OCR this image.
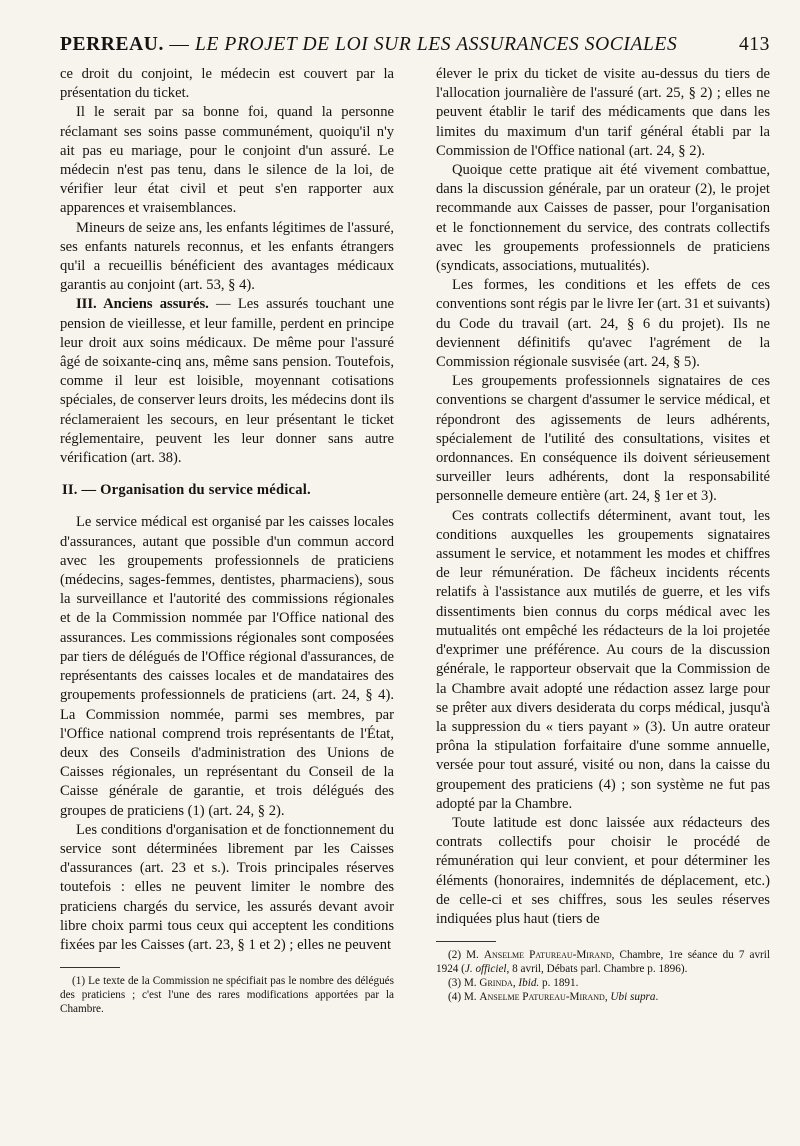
PERREAU. — LE PROJET DE LOI SUR LES ASSURANCES SOCIALES	413

ce droit du conjoint, le médecin est couvert par la présentation du ticket.

Il le serait par sa bonne foi, quand la personne réclamant ses soins passe communément, quoiqu'il n'y ait pas eu mariage, pour le conjoint d'un assuré. Le médecin n'est pas tenu, dans le silence de la loi, de vérifier leur état civil et peut s'en rapporter aux apparences et vraisemblances.

Mineurs de seize ans, les enfants légitimes de l'assuré, ses enfants naturels reconnus, et les enfants étrangers qu'il a recueillis bénéficient des avantages médicaux garantis au conjoint (art. 53, § 4).

III. Anciens assurés. — Les assurés touchant une pension de vieillesse, et leur famille, perdent en principe leur droit aux soins médicaux. De même pour l'assuré âgé de soixante-cinq ans, même sans pension. Toutefois, comme il leur est loisible, moyennant cotisations spéciales, de conserver leurs droits, les médecins dont ils réclameraient les secours, en leur présentant le ticket réglementaire, peuvent les leur donner sans autre vérification (art. 38).

II. — Organisation du service médical.

Le service médical est organisé par les caisses locales d'assurances, autant que possible d'un commun accord avec les groupements professionnels de praticiens (médecins, sages-femmes, dentistes, pharmaciens), sous la surveillance et l'autorité des commissions régionales et de la Commission nommée par l'Office national des assurances. Les commissions régionales sont composées par tiers de délégués de l'Office régional d'assurances, de représentants des caisses locales et de mandataires des groupements professionnels de praticiens (art. 24, § 4). La Commission nommée, parmi ses membres, par l'Office national comprend trois représentants de l'État, deux des Conseils d'administration des Unions de Caisses régionales, un représentant du Conseil de la Caisse générale de garantie, et trois délégués des groupes de praticiens (1) (art. 24, § 2).

Les conditions d'organisation et de fonctionnement du service sont déterminées librement par les Caisses d'assurances (art. 23 et s.). Trois principales réserves toutefois : elles ne peuvent limiter le nombre des praticiens chargés du service, les assurés devant avoir libre choix parmi tous ceux qui acceptent les conditions fixées par les Caisses (art. 23, § 1 et 2) ; elles ne peuvent

(1) Le texte de la Commission ne spécifiait pas le nombre des délégués des praticiens ; c'est l'une des rares modifications apportées par la Chambre.

élever le prix du ticket de visite au-dessus du tiers de l'allocation journalière de l'assuré (art. 25, § 2) ; elles ne peuvent établir le tarif des médicaments que dans les limites du maximum d'un tarif général établi par la Commission de l'Office national (art. 24, § 2).

Quoique cette pratique ait été vivement combattue, dans la discussion générale, par un orateur (2), le projet recommande aux Caisses de passer, pour l'organisation et le fonctionnement du service, des contrats collectifs avec les groupements professionnels de praticiens (syndicats, associations, mutualités).

Les formes, les conditions et les effets de ces conventions sont régis par le livre Ier (art. 31 et suivants) du Code du travail (art. 24, § 6 du projet). Ils ne deviennent définitifs qu'avec l'agrément de la Commission régionale susvisée (art. 24, § 5).

Les groupements professionnels signataires de ces conventions se chargent d'assumer le service médical, et répondront des agissements de leurs adhérents, spécialement de l'utilité des consultations, visites et ordonnances. En conséquence ils doivent sérieusement surveiller leurs adhérents, dont la responsabilité personnelle demeure entière (art. 24, § 1er et 3).

Ces contrats collectifs déterminent, avant tout, les conditions auxquelles les groupements signataires assument le service, et notamment les modes et chiffres de leur rémunération. De fâcheux incidents récents relatifs à l'assistance aux mutilés de guerre, et les vifs dissentiments bien connus du corps médical avec les mutualités ont empêché les rédacteurs de la loi projetée d'exprimer une préférence. Au cours de la discussion générale, le rapporteur observait que la Commission de la Chambre avait adopté une rédaction assez large pour se prêter aux divers desiderata du corps médical, jusqu'à la suppression du « tiers payant » (3). Un autre orateur prôna la stipulation forfaitaire d'une somme annuelle, versée pour tout assuré, visité ou non, dans la caisse du groupement des praticiens (4) ; son système ne fut pas adopté par la Chambre.

Toute latitude est donc laissée aux rédacteurs des contrats collectifs pour choisir le procédé de rémunération qui leur convient, et pour déterminer les éléments (honoraires, indemnités de déplacement, etc.) de celle-ci et ses chiffres, sous les seules réserves indiquées plus haut (tiers de

(2) M. Anselme Patureau-Mirand, Chambre, 1re séance du 7 avril 1924 (J. officiel, 8 avril, Débats parl. Chambre p. 1896).

(3) M. Grinda, Ibid. p. 1891.

(4) M. Anselme Patureau-Mirand, Ubi supra.
